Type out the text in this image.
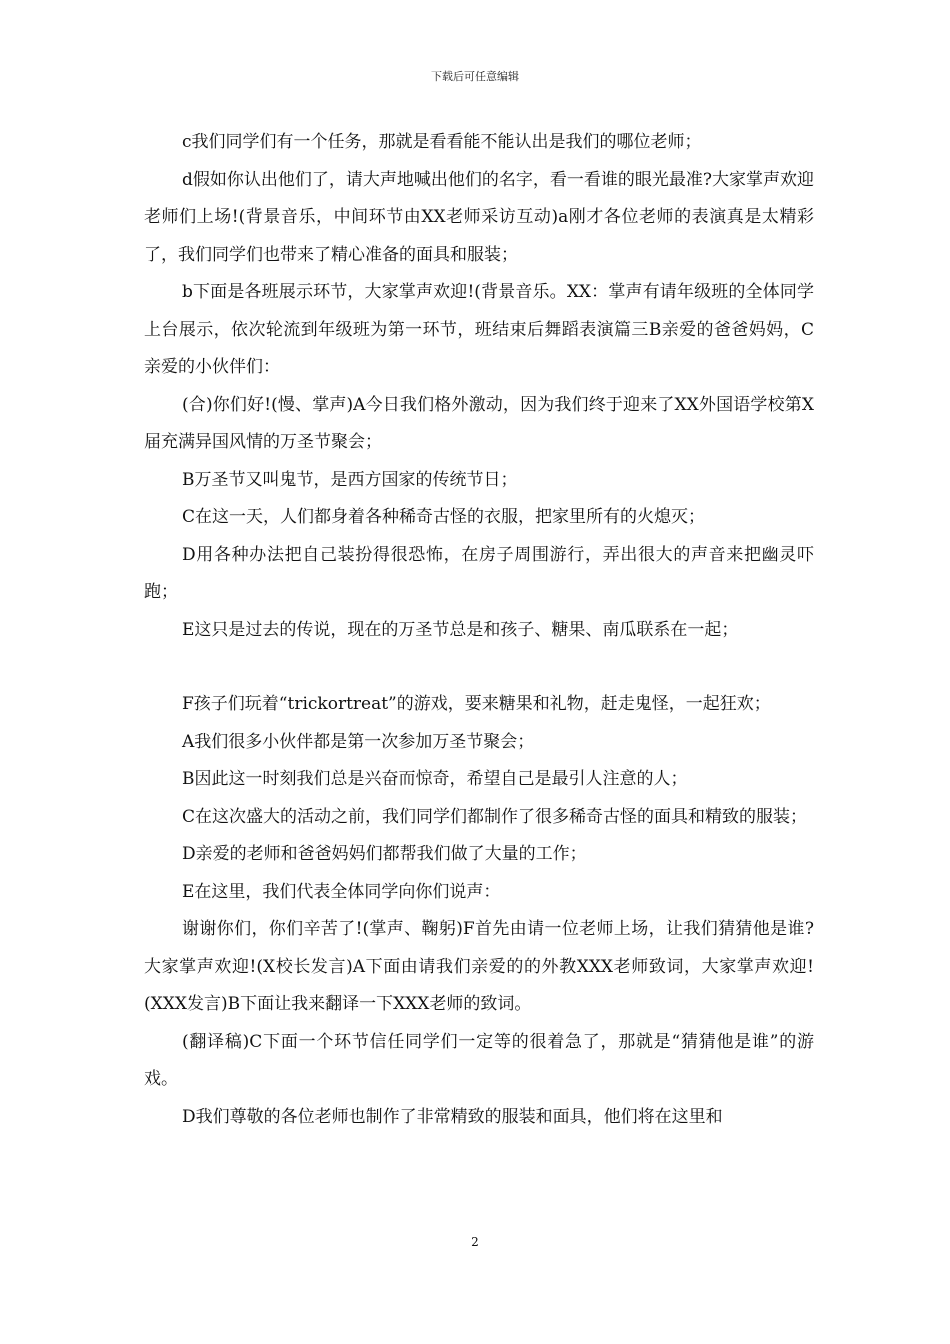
下载后可任意编辑

c我们同学们有一个任务，那就是看看能不能认出是我们的哪位老师；

d假如你认出他们了，请大声地喊出他们的名字，看一看谁的眼光最准?大家掌声欢迎老师们上场!(背景音乐，中间环节由XX老师采访互动)a刚才各位老师的表演真是太精彩了，我们同学们也带来了精心准备的面具和服装；

b下面是各班展示环节，大家掌声欢迎!(背景音乐。XX：掌声有请年级班的全体同学上台展示，依次轮流到年级班为第一环节，班结束后舞蹈表演篇三B亲爱的爸爸妈妈，C亲爱的小伙伴们：

(合)你们好!(慢、掌声)A今日我们格外激动，因为我们终于迎来了XX外国语学校第X届充满异国风情的万圣节聚会；

B万圣节又叫鬼节，是西方国家的传统节日；

C在这一天，人们都身着各种稀奇古怪的衣服，把家里所有的火熄灭；

D用各种办法把自己装扮得很恐怖，在房子周围游行，弄出很大的声音来把幽灵吓跑；

E这只是过去的传说，现在的万圣节总是和孩子、糖果、南瓜联系在一起；

F孩子们玩着“trickortreat”的游戏，要来糖果和礼物，赶走鬼怪，一起狂欢；

A我们很多小伙伴都是第一次参加万圣节聚会；

B因此这一时刻我们总是兴奋而惊奇，希望自己是最引人注意的人；

C在这次盛大的活动之前，我们同学们都制作了很多稀奇古怪的面具和精致的服装；

D亲爱的老师和爸爸妈妈们都帮我们做了大量的工作；

E在这里，我们代表全体同学向你们说声：

谢谢你们，你们辛苦了!(掌声、鞠躬)F首先由请一位老师上场，让我们猜猜他是谁?大家掌声欢迎!(X校长发言)A下面由请我们亲爱的的外教XXX老师致词，大家掌声欢迎!(XXX发言)B下面让我来翻译一下XXX老师的致词。

(翻译稿)C下面一个环节信任同学们一定等的很着急了，那就是“猜猜他是谁”的游戏。

D我们尊敬的各位老师也制作了非常精致的服装和面具，他们将在这里和

2
